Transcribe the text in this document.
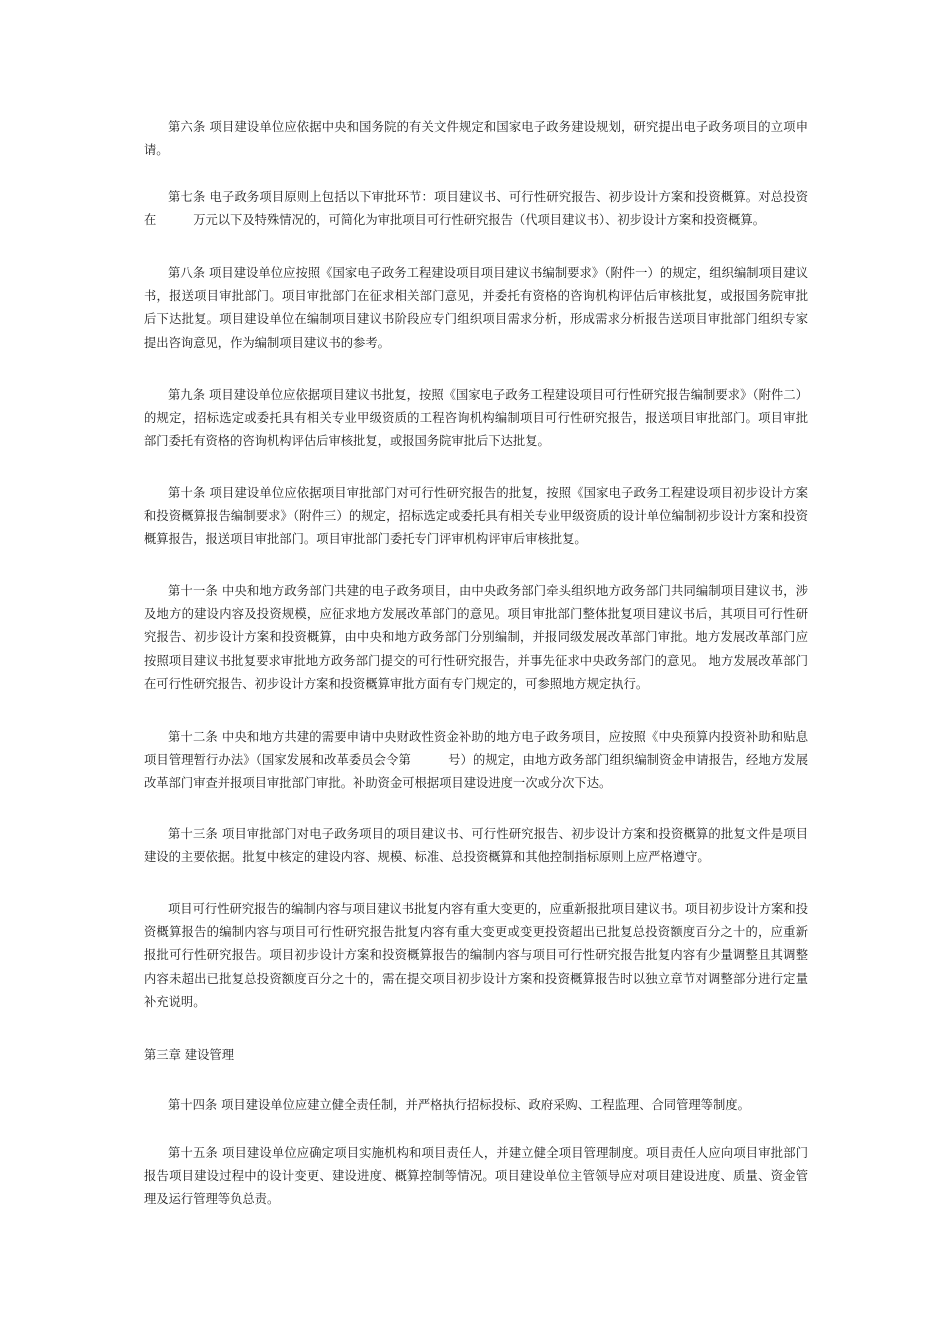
第六条 项目建设单位应依据中央和国务院的有关文件规定和国家电子政务建设规划，研究提出电子政务项目的立项申请。

第七条 电子政务项目原则上包括以下审批环节：项目建议书、可行性研究报告、初步设计方案和投资概算。对总投资在　　　万元以下及特殊情况的，可简化为审批项目可行性研究报告（代项目建议书）、初步设计方案和投资概算。

第八条 项目建设单位应按照《国家电子政务工程建设项目项目建议书编制要求》（附件一）的规定，组织编制项目建议书，报送项目审批部门。项目审批部门在征求相关部门意见，并委托有资格的咨询机构评估后审核批复，或报国务院审批后下达批复。项目建设单位在编制项目建议书阶段应专门组织项目需求分析，形成需求分析报告送项目审批部门组织专家提出咨询意见，作为编制项目建议书的参考。

第九条 项目建设单位应依据项目建议书批复，按照《国家电子政务工程建设项目可行性研究报告编制要求》（附件二）的规定，招标选定或委托具有相关专业甲级资质的工程咨询机构编制项目可行性研究报告，报送项目审批部门。项目审批部门委托有资格的咨询机构评估后审核批复，或报国务院审批后下达批复。

第十条 项目建设单位应依据项目审批部门对可行性研究报告的批复，按照《国家电子政务工程建设项目初步设计方案和投资概算报告编制要求》（附件三）的规定，招标选定或委托具有相关专业甲级资质的设计单位编制初步设计方案和投资概算报告，报送项目审批部门。项目审批部门委托专门评审机构评审后审核批复。

第十一条 中央和地方政务部门共建的电子政务项目，由中央政务部门牵头组织地方政务部门共同编制项目建议书，涉及地方的建设内容及投资规模，应征求地方发展改革部门的意见。项目审批部门整体批复项目建议书后，其项目可行性研究报告、初步设计方案和投资概算，由中央和地方政务部门分别编制，并报同级发展改革部门审批。地方发展改革部门应按照项目建议书批复要求审批地方政务部门提交的可行性研究报告，并事先征求中央政务部门的意见。 地方发展改革部门在可行性研究报告、初步设计方案和投资概算审批方面有专门规定的，可参照地方规定执行。

第十二条 中央和地方共建的需要申请中央财政性资金补助的地方电子政务项目，应按照《中央预算内投资补助和贴息项目管理暂行办法》（国家发展和改革委员会令第　　　号）的规定，由地方政务部门组织编制资金申请报告，经地方发展改革部门审查并报项目审批部门审批。补助资金可根据项目建设进度一次或分次下达。

第十三条 项目审批部门对电子政务项目的项目建议书、可行性研究报告、初步设计方案和投资概算的批复文件是项目建设的主要依据。批复中核定的建设内容、规模、标准、总投资概算和其他控制指标原则上应严格遵守。

项目可行性研究报告的编制内容与项目建议书批复内容有重大变更的，应重新报批项目建议书。项目初步设计方案和投资概算报告的编制内容与项目可行性研究报告批复内容有重大变更或变更投资超出已批复总投资额度百分之十的，应重新报批可行性研究报告。项目初步设计方案和投资概算报告的编制内容与项目可行性研究报告批复内容有少量调整且其调整内容未超出已批复总投资额度百分之十的，需在提交项目初步设计方案和投资概算报告时以独立章节对调整部分进行定量补充说明。

第三章 建设管理

第十四条 项目建设单位应建立健全责任制，并严格执行招标投标、政府采购、工程监理、合同管理等制度。

第十五条 项目建设单位应确定项目实施机构和项目责任人，并建立健全项目管理制度。项目责任人应向项目审批部门报告项目建设过程中的设计变更、建设进度、概算控制等情况。项目建设单位主管领导应对项目建设进度、质量、资金管理及运行管理等负总责。
